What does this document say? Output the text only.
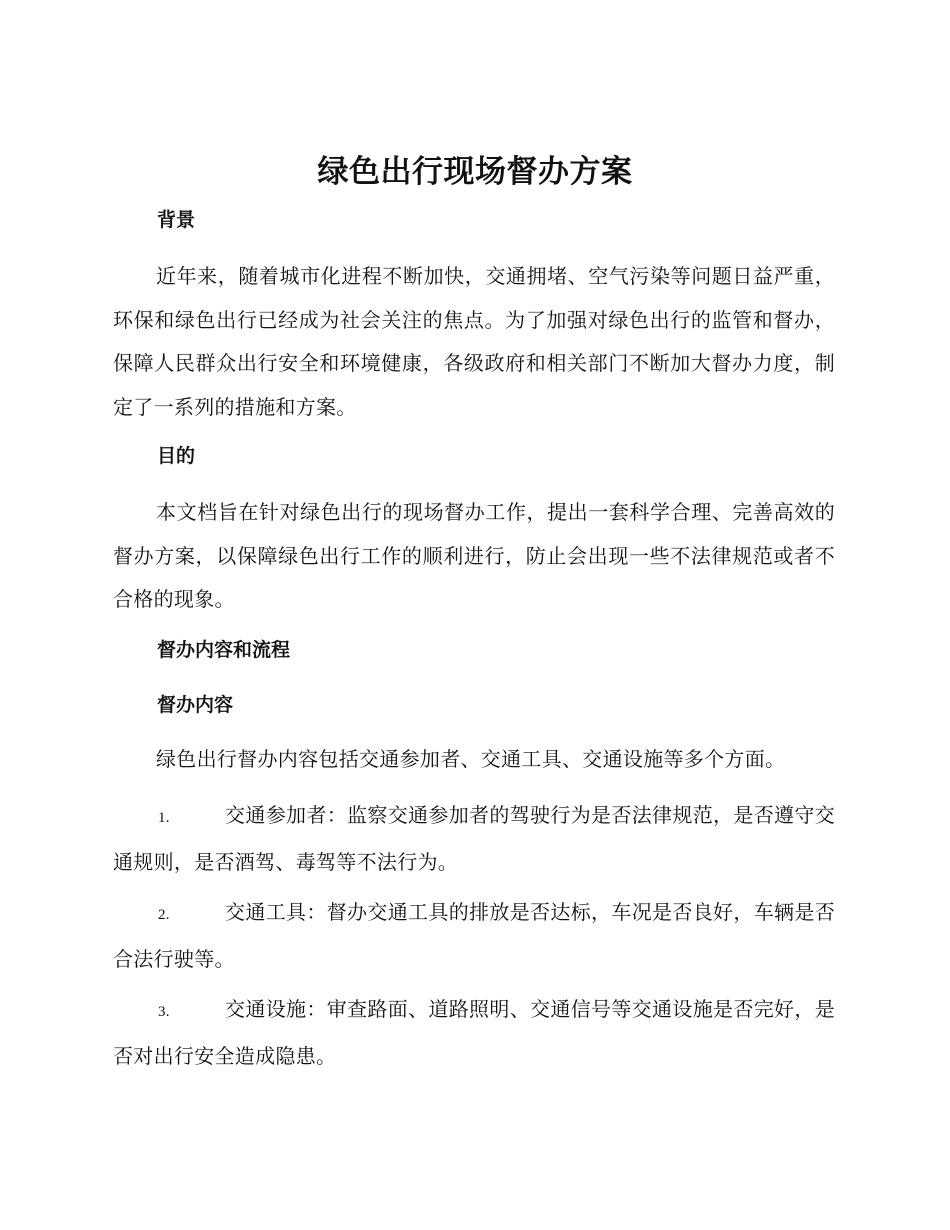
绿色出行现场督办方案
背景
近年来，随着城市化进程不断加快，交通拥堵、空气污染等问题日益严重，环保和绿色出行已经成为社会关注的焦点。为了加强对绿色出行的监管和督办，保障人民群众出行安全和环境健康，各级政府和相关部门不断加大督办力度，制定了一系列的措施和方案。
目的
本文档旨在针对绿色出行的现场督办工作，提出一套科学合理、完善高效的督办方案，以保障绿色出行工作的顺利进行，防止会出现一些不法律规范或者不合格的现象。
督办内容和流程
督办内容
绿色出行督办内容包括交通参加者、交通工具、交通设施等多个方面。
1.	交通参加者：监察交通参加者的驾驶行为是否法律规范，是否遵守交通规则，是否酒驾、毒驾等不法行为。
2.	交通工具：督办交通工具的排放是否达标，车况是否良好，车辆是否合法行驶等。
3.	交通设施：审查路面、道路照明、交通信号等交通设施是否完好，是否对出行安全造成隐患。
